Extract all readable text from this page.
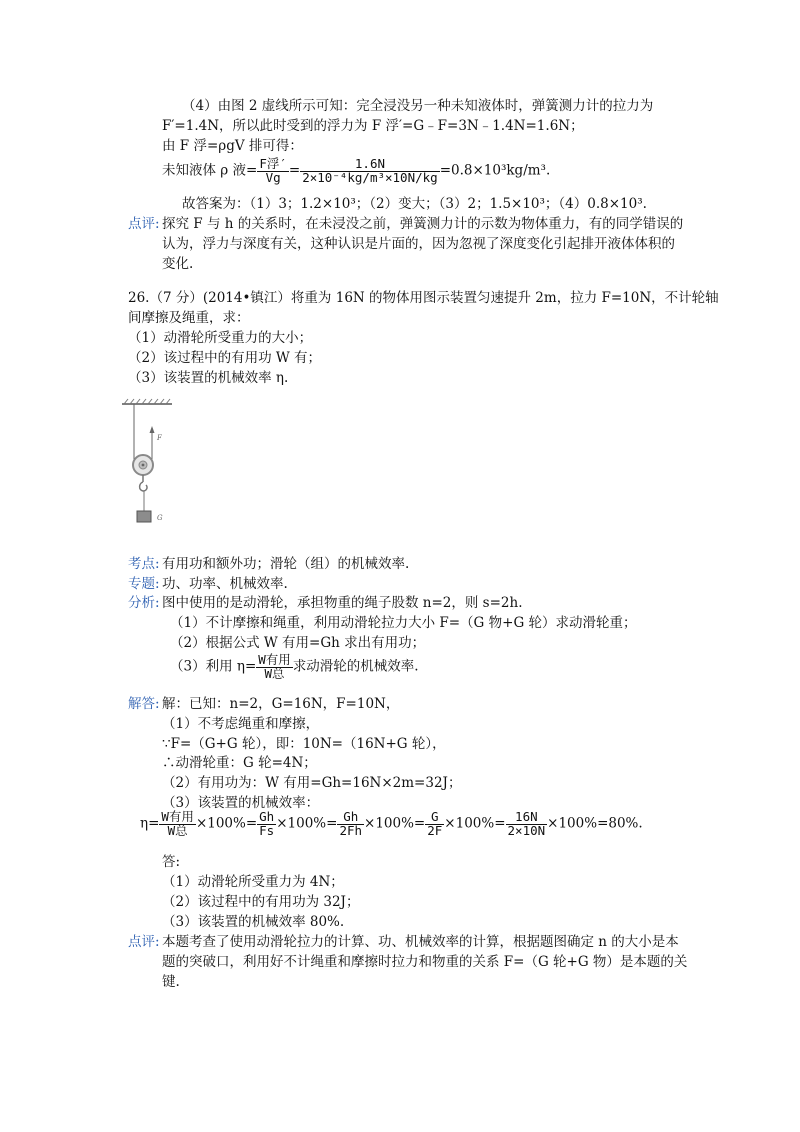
（4）由图 2 虚线所示可知：完全浸没另一种未知液体时，弹簧测力计的拉力为
F′=1.4N，所以此时受到的浮力为 F 浮′=G﹣F=3N﹣1.4N=1.6N；
由 F 浮=ρgV 排可得：
未知液体 ρ 液= $\frac{\text{F浮′}}{Vg} = \frac{1.6N}{\text{2×10⁻⁴kg/m³×10N/kg}} =0.8\times 10^3kg/m^3$.
故答案为：（1）3；1.2×10³；（2）变大；（3）2；1.5×10³；（4）0.8×10³.
点评: 探究 F 与 h 的关系时，在未浸没之前，弹簧测力计的示数为物体重力，有的同学错误的
认为，浮力与深度有关，这种认识是片面的，因为忽视了深度变化引起排开液体体积的
变化.
26.（7 分）(2014•镇江）将重为 16N 的物体用图示装置匀速提升 2m，拉力 F=10N，不计轮轴
间摩擦及绳重，求：
（1）动滑轮所受重力的大小；
（2）该过程中的有用功 W 有；
（3）该装置的机械效率 η.
F
G
考点: 有用功和额外功；滑轮（组）的机械效率.
专题: 功、功率、机械效率.
分析: 图中使用的是动滑轮，承担物重的绳子股数 n=2，则 s=2h.
（1）不计摩擦和绳重，利用动滑轮拉力大小 F=（G 物+G 轮）求动滑轮重；
（2）根据公式 W 有用=Gh 求出有用功；
（3）利用 $\eta= \frac{\text{W有用}}{\text{W总}}$ 求动滑轮的机械效率.
解答: 解：已知：n=2，G=16N，F=10N，
（1）不考虑绳重和摩擦，
∵F=（G+G 轮），即：10N=（16N+G 轮），
∴动滑轮重：G 轮=4N；
（2）有用功为：W 有用=Gh=16N×2m=32J；
（3）该装置的机械效率：
$\eta= \frac{\text{W有用}}{\text{W总}} \times 100\%= \frac{Gh}{Fs} \times 100\%= \frac{Gh}{2Fh} \times 100\%= \frac{G}{2F} \times 100\%= \frac{16N}{2\times 10N} \times 100\%=80\%$.
答:
（1）动滑轮所受重力为 4N；
（2）该过程中的有用功为 32J；
（3）该装置的机械效率 80%.
点评: 本题考查了使用动滑轮拉力的计算、功、机械效率的计算，根据题图确定 n 的大小是本
题的突破口，利用好不计绳重和摩擦时拉力和物重的关系 F=（G 轮+G 物）是本题的关
键.
